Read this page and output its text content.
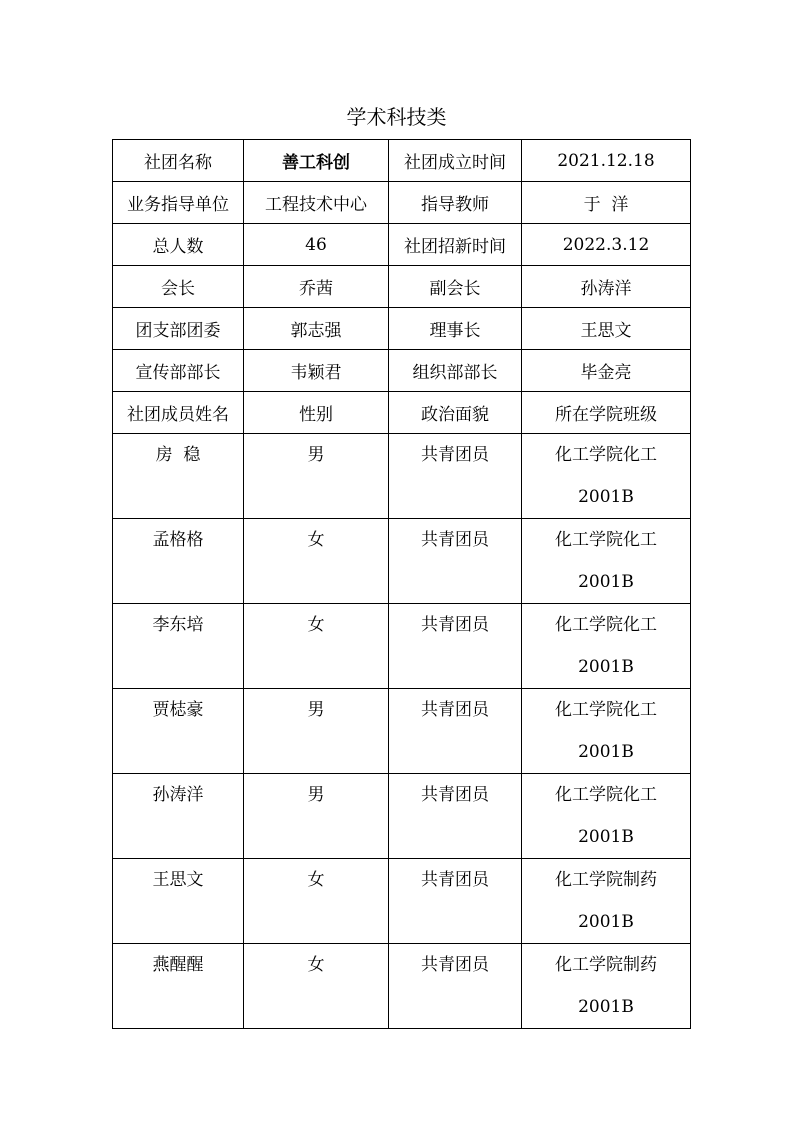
学术科技类
社团名称	善工科创	社团成立时间	2021.12.18
业务指导单位	工程技术中心	指导教师	于  洋
总人数	46	社团招新时间	2022.3.12
会长	乔茜	副会长	孙涛洋
团支部团委	郭志强	理事长	王思文
宣传部部长	韦颖君	组织部部长	毕金亮
社团成员姓名	性别	政治面貌	所在学院班级
房  稳	男	共青团员	化工学院化工
2001B

孟格格	女	共青团员	化工学院化工
2001B

李东培	女	共青团员	化工学院化工
2001B

贾梽豪	男	共青团员	化工学院化工
2001B

孙涛洋	男	共青团员	化工学院化工
2001B

王思文	女	共青团员	化工学院制药
2001B

燕醒醒	女	共青团员	化工学院制药
2001B
